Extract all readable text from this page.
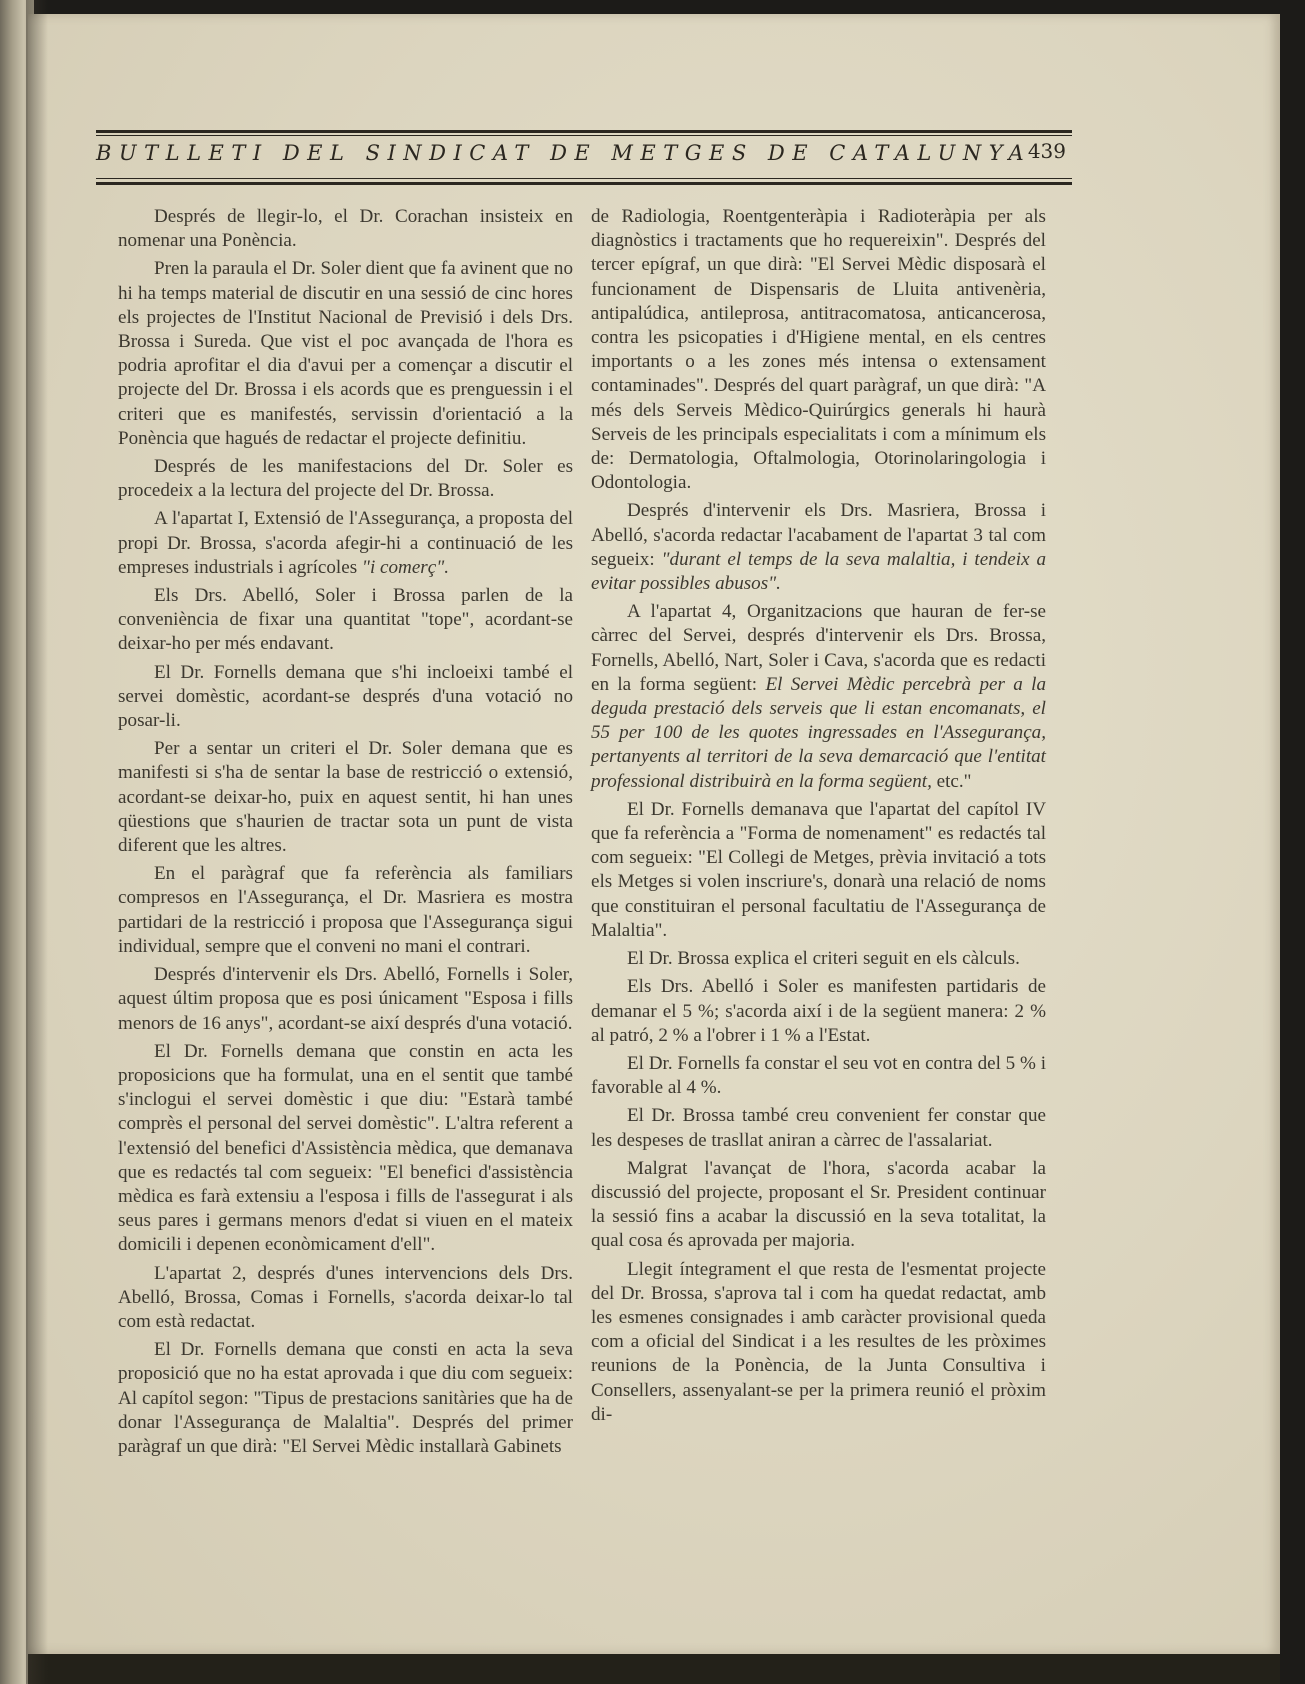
BUTLLETI DEL SINDICAT DE METGES DE CATALUNYA
439

Després de llegir-lo, el Dr. Corachan insisteix en nomenar una Ponència.

Pren la paraula el Dr. Soler dient que fa avinent que no hi ha temps material de discutir en una sessió de cinc hores els projectes de l'Institut Nacional de Previsió i dels Drs. Brossa i Sureda. Que vist el poc avançada de l'hora es podria aprofitar el dia d'avui per a començar a discutir el projecte del Dr. Brossa i els acords que es prenguessin i el criteri que es manifestés, servissin d'orientació a la Ponència que hagués de redactar el projecte definitiu.

Després de les manifestacions del Dr. Soler es procedeix a la lectura del projecte del Dr. Brossa.

A l'apartat I, Extensió de l'Assegurança, a proposta del propi Dr. Brossa, s'acorda afegir-hi a continuació de les empreses industrials i agrícoles "i comerç".

Els Drs. Abelló, Soler i Brossa parlen de la conveniència de fixar una quantitat "tope", acordant-se deixar-ho per més endavant.

El Dr. Fornells demana que s'hi incloeixi també el servei domèstic, acordant-se després d'una votació no posar-li.

Per a sentar un criteri el Dr. Soler demana que es manifesti si s'ha de sentar la base de restricció o extensió, acordant-se deixar-ho, puix en aquest sentit, hi han unes qüestions que s'haurien de tractar sota un punt de vista diferent que les altres.

En el paràgraf que fa referència als familiars compresos en l'Assegurança, el Dr. Masriera es mostra partidari de la restricció i proposa que l'Assegurança sigui individual, sempre que el conveni no mani el contrari.

Després d'intervenir els Drs. Abelló, Fornells i Soler, aquest últim proposa que es posi únicament "Esposa i fills menors de 16 anys", acordant-se així després d'una votació.

El Dr. Fornells demana que constin en acta les proposicions que ha formulat, una en el sentit que també s'inclogui el servei domèstic i que diu: "Estarà també comprès el personal del servei domèstic". L'altra referent a l'extensió del benefici d'Assistència mèdica, que demanava que es redactés tal com segueix: "El benefici d'assistència mèdica es farà extensiu a l'esposa i fills de l'assegurat i als seus pares i germans menors d'edat si viuen en el mateix domicili i depenen econòmicament d'ell".

L'apartat 2, després d'unes intervencions dels Drs. Abelló, Brossa, Comas i Fornells, s'acorda deixar-lo tal com està redactat.

El Dr. Fornells demana que consti en acta la seva proposició que no ha estat aprovada i que diu com segueix: Al capítol segon: "Tipus de prestacions sanitàries que ha de donar l'Assegurança de Malaltia". Després del primer paràgraf un que dirà: "El Servei Mèdic installarà Gabinets

de Radiologia, Roentgenteràpia i Radioteràpia per als diagnòstics i tractaments que ho requereixin". Després del tercer epígraf, un que dirà: "El Servei Mèdic disposarà el funcionament de Dispensaris de Lluita antivenèria, antipalúdica, antileprosa, antitracomatosa, anticancerosa, contra les psicopaties i d'Higiene mental, en els centres importants o a les zones més intensa o extensament contaminades". Després del quart paràgraf, un que dirà: "A més dels Serveis Mèdico-Quirúrgics generals hi haurà Serveis de les principals especialitats i com a mínimum els de: Dermatologia, Oftalmologia, Otorinolaringologia i Odontologia.

Després d'intervenir els Drs. Masriera, Brossa i Abelló, s'acorda redactar l'acabament de l'apartat 3 tal com segueix: "durant el temps de la seva malaltia, i tendeix a evitar possibles abusos".

A l'apartat 4, Organitzacions que hauran de fer-se càrrec del Servei, després d'intervenir els Drs. Brossa, Fornells, Abelló, Nart, Soler i Cava, s'acorda que es redacti en la forma següent: El Servei Mèdic percebrà per a la deguda prestació dels serveis que li estan encomanats, el 55 per 100 de les quotes ingressades en l'Assegurança, pertanyents al territori de la seva demarcació que l'entitat professional distribuirà en la forma següent, etc."

El Dr. Fornells demanava que l'apartat del capítol IV que fa referència a "Forma de nomenament" es redactés tal com segueix: "El Collegi de Metges, prèvia invitació a tots els Metges si volen inscriure's, donarà una relació de noms que constituiran el personal facultatiu de l'Assegurança de Malaltia".

El Dr. Brossa explica el criteri seguit en els càlculs.

Els Drs. Abelló i Soler es manifesten partidaris de demanar el 5 %; s'acorda així i de la següent manera: 2 % al patró, 2 % a l'obrer i 1 % a l'Estat.

El Dr. Fornells fa constar el seu vot en contra del 5 % i favorable al 4 %.

El Dr. Brossa també creu convenient fer constar que les despeses de trasllat aniran a càrrec de l'assalariat.

Malgrat l'avançat de l'hora, s'acorda acabar la discussió del projecte, proposant el Sr. President continuar la sessió fins a acabar la discussió en la seva totalitat, la qual cosa és aprovada per majoria.

Llegit íntegrament el que resta de l'esmentat projecte del Dr. Brossa, s'aprova tal i com ha quedat redactat, amb les esmenes consignades i amb caràcter provisional queda com a oficial del Sindicat i a les resultes de les pròximes reunions de la Ponència, de la Junta Consultiva i Consellers, assenyalant-se per la primera reunió el pròxim di-
